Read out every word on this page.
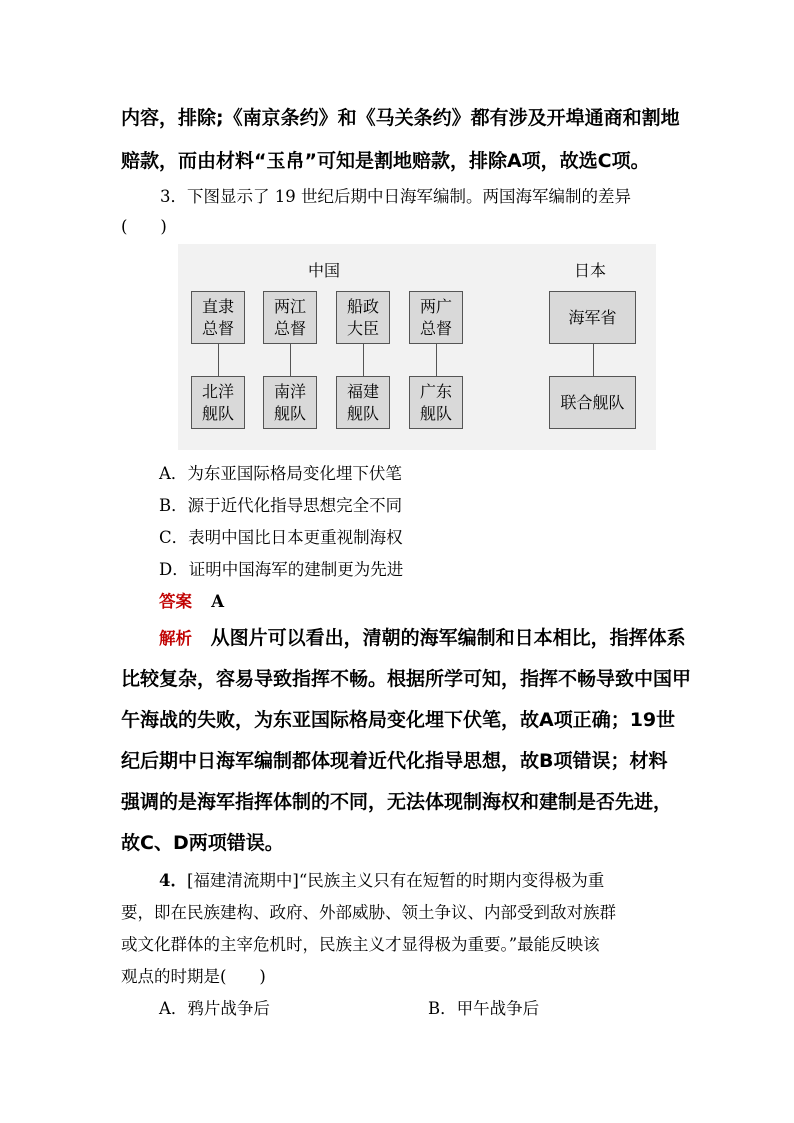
内容，排除;《南京条约》和《马关条约》都有涉及开埠通商和割地
赔款，而由材料“玉帛”可知是割地赔款，排除A项，故选C项。
3．下图显示了 19 世纪后期中日海军编制。两国海军编制的差异
(　　)
中国	日本
直隶
总督
两江
总督
船政
大臣
两广
总督
北洋
舰队
南洋
舰队
福建
舰队
广东
舰队
海军省
联合舰队
A．为东亚国际格局变化埋下伏笔
B．源于近代化指导思想完全不同
C．表明中国比日本更重视制海权
D．证明中国海军的建制更为先进
答案 A
解析 从图片可以看出，清朝的海军编制和日本相比，指挥体系
比较复杂，容易导致指挥不畅。根据所学可知，指挥不畅导致中国甲
午海战的失败，为东亚国际格局变化埋下伏笔，故A项正确；19世
纪后期中日海军编制都体现着近代化指导思想，故B项错误；材料
强调的是海军指挥体制的不同，无法体现制海权和建制是否先进，
故C、D两项错误。
4．[福建清流期中]“民族主义只有在短暂的时期内变得极为重
要，即在民族建构、政府、外部威胁、领土争议、内部受到敌对族群
或文化群体的主宰危机时，民族主义才显得极为重要。”最能反映该
观点的时期是(　　)
A．鸦片战争后	B．甲午战争后
